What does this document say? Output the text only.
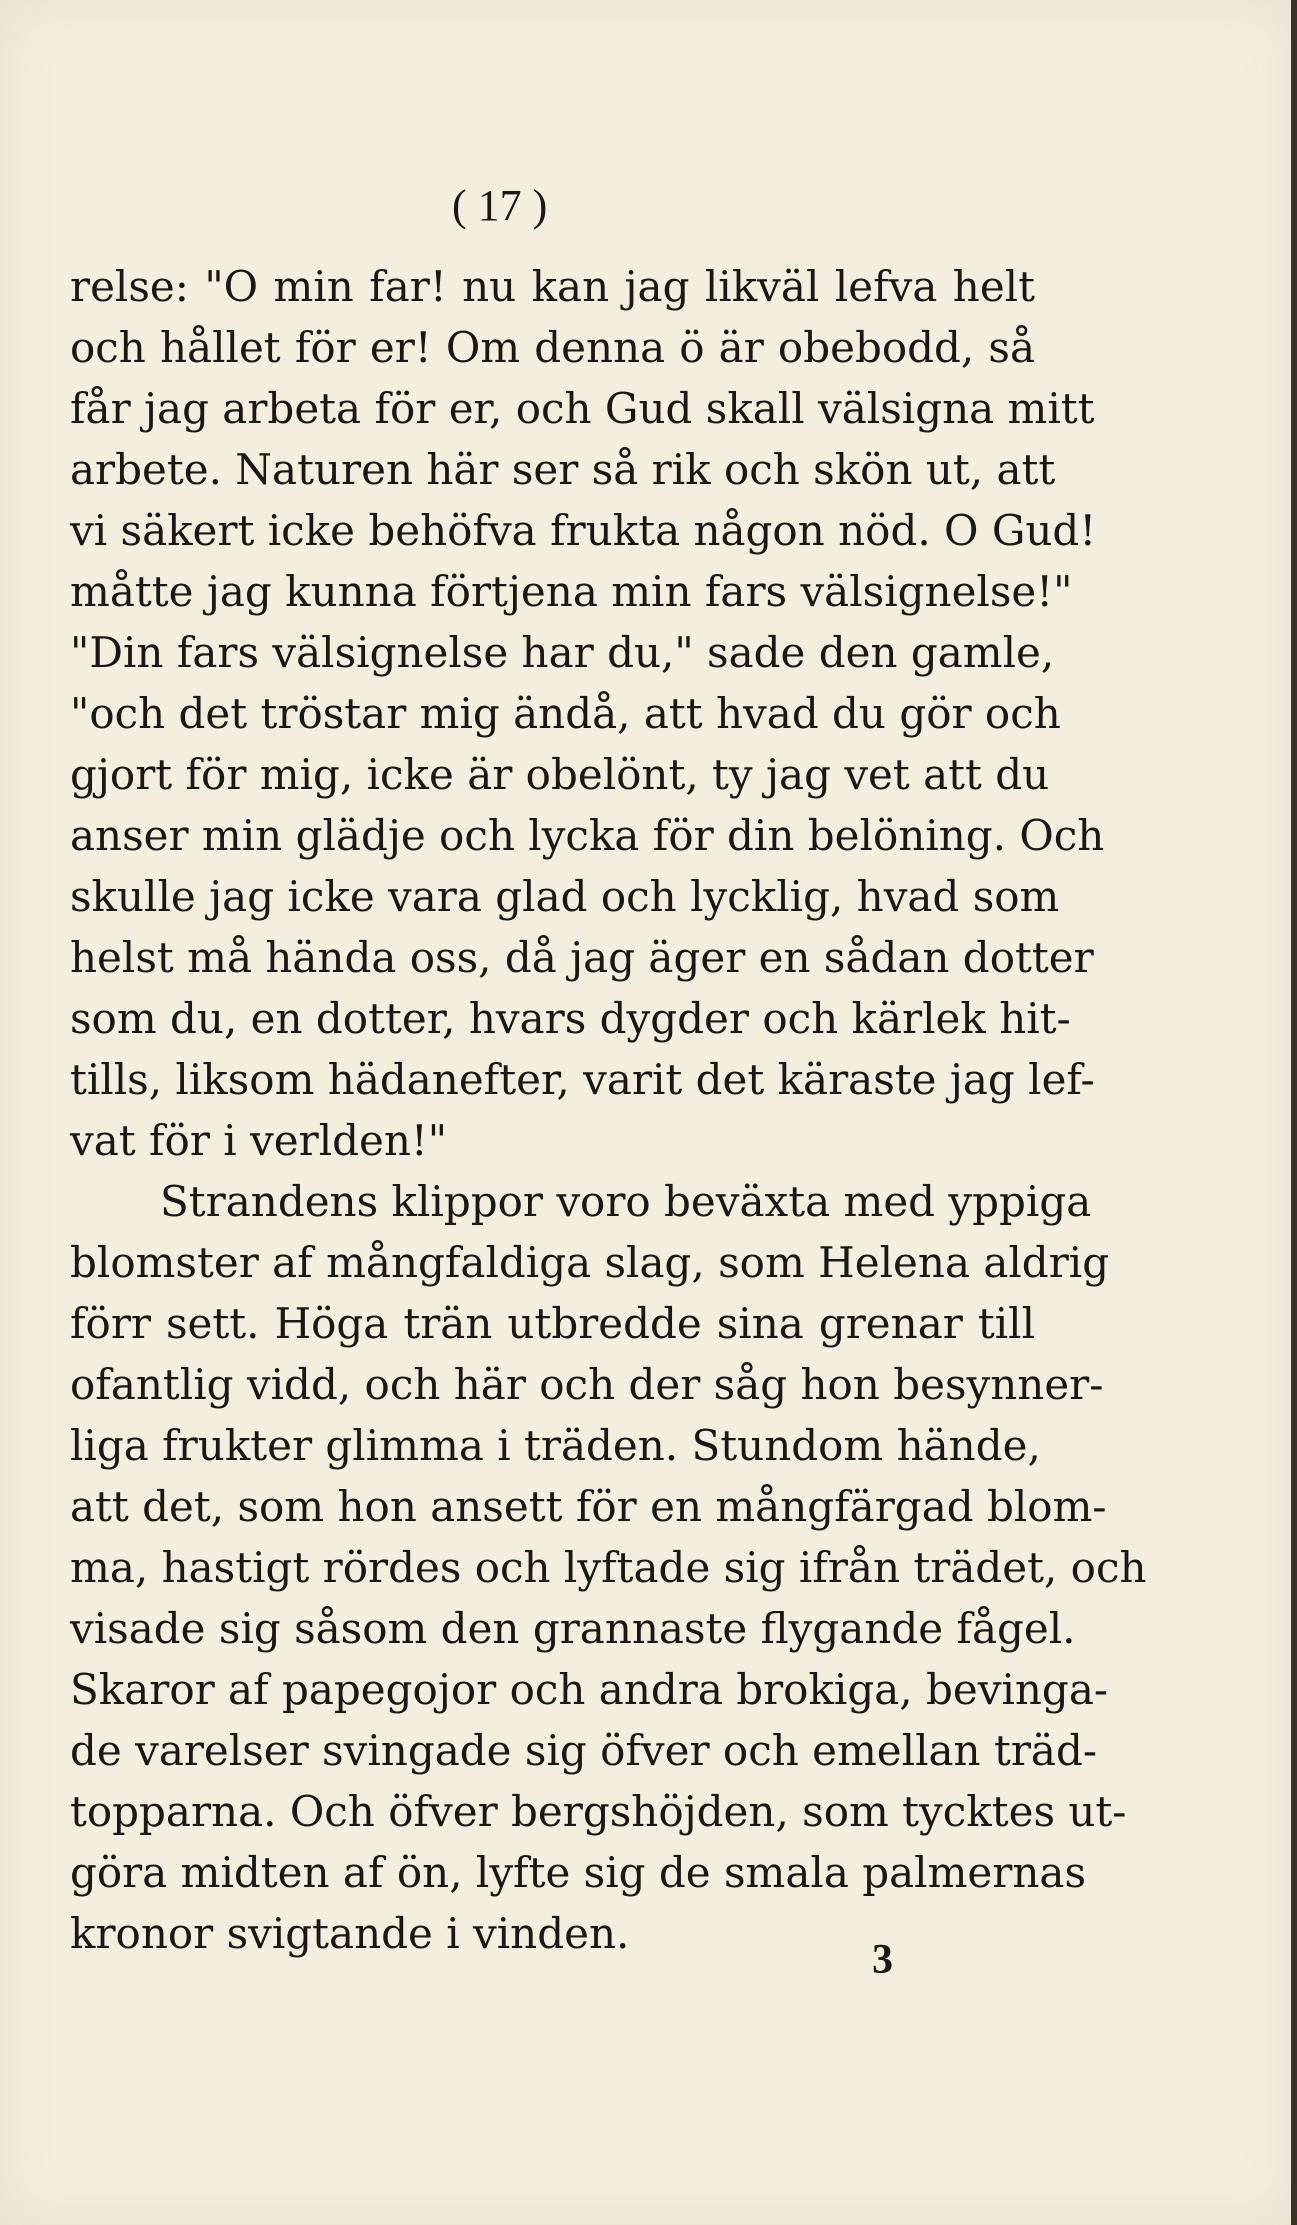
( 17 )
relse: "O min far! nu kan jag likväl lefva helt
och hållet för er! Om denna ö är obebodd, så
får jag arbeta för er, och Gud skall välsigna mitt
arbete. Naturen här ser så rik och skön ut, att
vi säkert icke behöfva frukta någon nöd. O Gud!
måtte jag kunna förtjena min fars välsignelse!"
"Din fars välsignelse har du," sade den gamle,
"och det tröstar mig ändå, att hvad du gör och
gjort för mig, icke är obelönt, ty jag vet att du
anser min glädje och lycka för din belöning. Och
skulle jag icke vara glad och lycklig, hvad som
helst må hända oss, då jag äger en sådan dotter
som du, en dotter, hvars dygder och kärlek hit-
tills, liksom hädanefter, varit det käraste jag lef-
vat för i verlden!"
Strandens klippor voro beväxta med yppiga
blomster af mångfaldiga slag, som Helena aldrig
förr sett. Höga trän utbredde sina grenar till
ofantlig vidd, och här och der såg hon besynner-
liga frukter glimma i träden. Stundom hände,
att det, som hon ansett för en mångfärgad blom-
ma, hastigt rördes och lyftade sig ifrån trädet, och
visade sig såsom den grannaste flygande fågel.
Skaror af papegojor och andra brokiga, bevinga-
de varelser svingade sig öfver och emellan träd-
topparna. Och öfver bergshöjden, som tycktes ut-
göra midten af ön, lyfte sig de smala palmernas
kronor svigtande i vinden.
3
